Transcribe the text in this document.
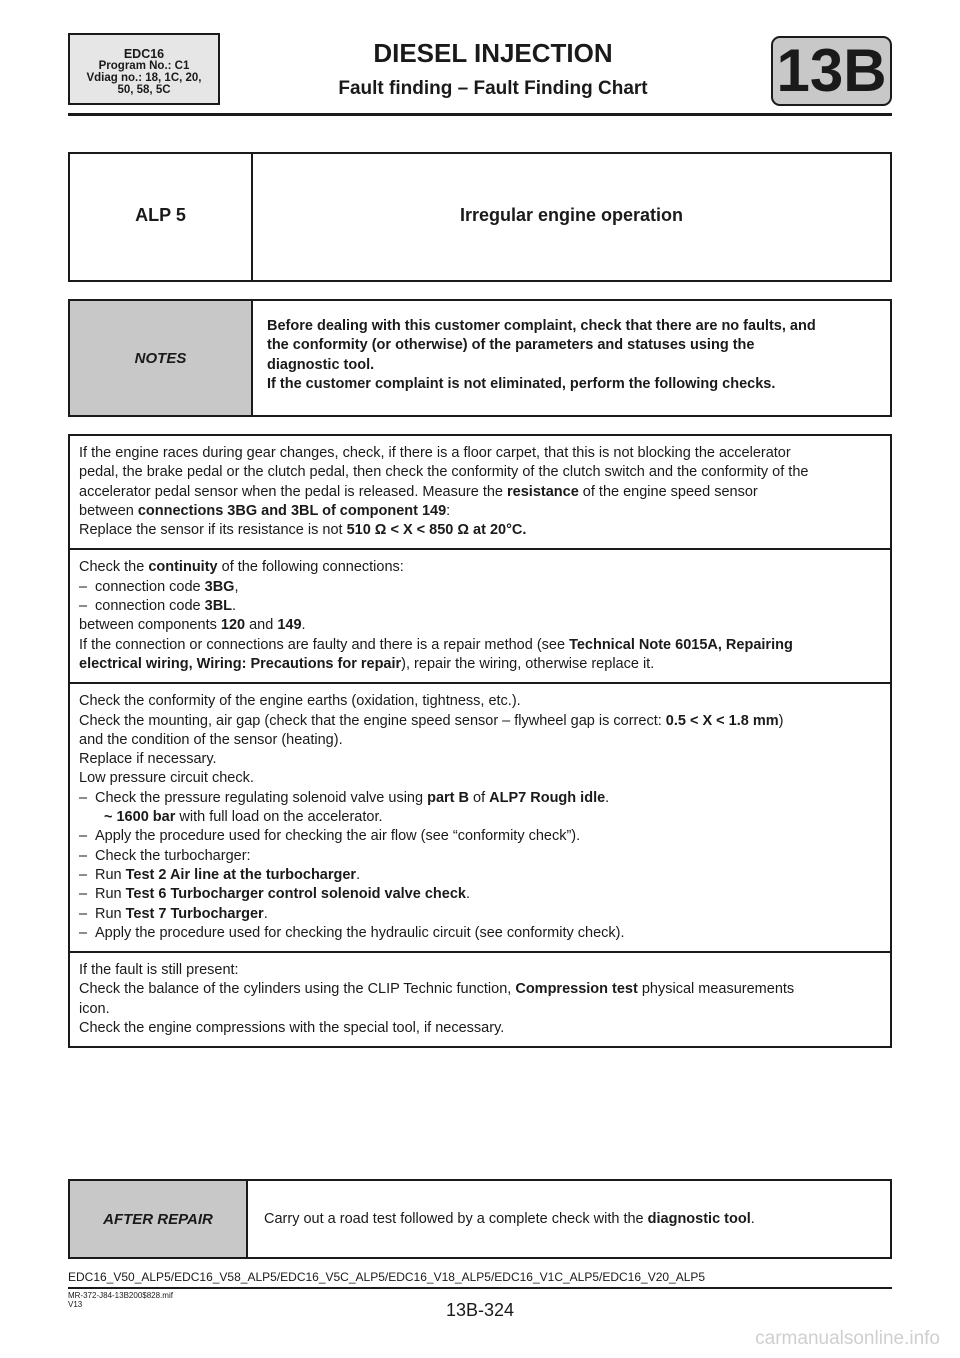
EDC16
Program No.: C1
Vdiag no.: 18, 1C, 20,
50, 58, 5C
DIESEL INJECTION
Fault finding – Fault Finding Chart	13B
ALP 5	Irregular engine operation
NOTES	
Before dealing with this customer complaint, check that there are no faults, and
the conformity (or otherwise) of the parameters and statuses using the
diagnostic tool.
If the customer complaint is not eliminated, perform the following checks.

If the engine races during gear changes, check, if there is a floor carpet, that this is not blocking the accelerator

pedal, the brake pedal or the clutch pedal, then check the conformity of the clutch switch and the conformity of the

accelerator pedal sensor when the pedal is released. Measure the resistance of the engine speed sensor

between connections 3BG and 3BL of component 149:

Replace the sensor if its resistance is not 510 Ω < X < 850 Ω at 20°C.

Check the continuity of the following connections:

– connection code 3BG,

– connection code 3BL.

between components 120 and 149.

If the connection or connections are faulty and there is a repair method (see Technical Note 6015A, Repairing

electrical wiring, Wiring: Precautions for repair), repair the wiring, otherwise replace it.

Check the conformity of the engine earths (oxidation, tightness, etc.).

Check the mounting, air gap (check that the engine speed sensor – flywheel gap is correct: 0.5 < X < 1.8 mm)

and the condition of the sensor (heating).

Replace if necessary.

Low pressure circuit check.

– Check the pressure regulating solenoid valve using part B of ALP7 Rough idle.

~ 1600 bar with full load on the accelerator.

– Apply the procedure used for checking the air flow (see “conformity check”).

– Check the turbocharger:

– Run Test 2 Air line at the turbocharger.

– Run Test 6 Turbocharger control solenoid valve check.

– Run Test 7 Turbocharger.

– Apply the procedure used for checking the hydraulic circuit (see conformity check).

If the fault is still present:

Check the balance of the cylinders using the CLIP Technic function, Compression test physical measurements

icon.

Check the engine compressions with the special tool, if necessary.

AFTER REPAIR	Carry out a road test followed by a complete check with the diagnostic tool.
EDC16_V50_ALP5/EDC16_V58_ALP5/EDC16_V5C_ALP5/EDC16_V18_ALP5/EDC16_V1C_ALP5/EDC16_V20_ALP5
MR-372-J84-13B200$828.mif
V13	13B-324
carmanualsonline.info
